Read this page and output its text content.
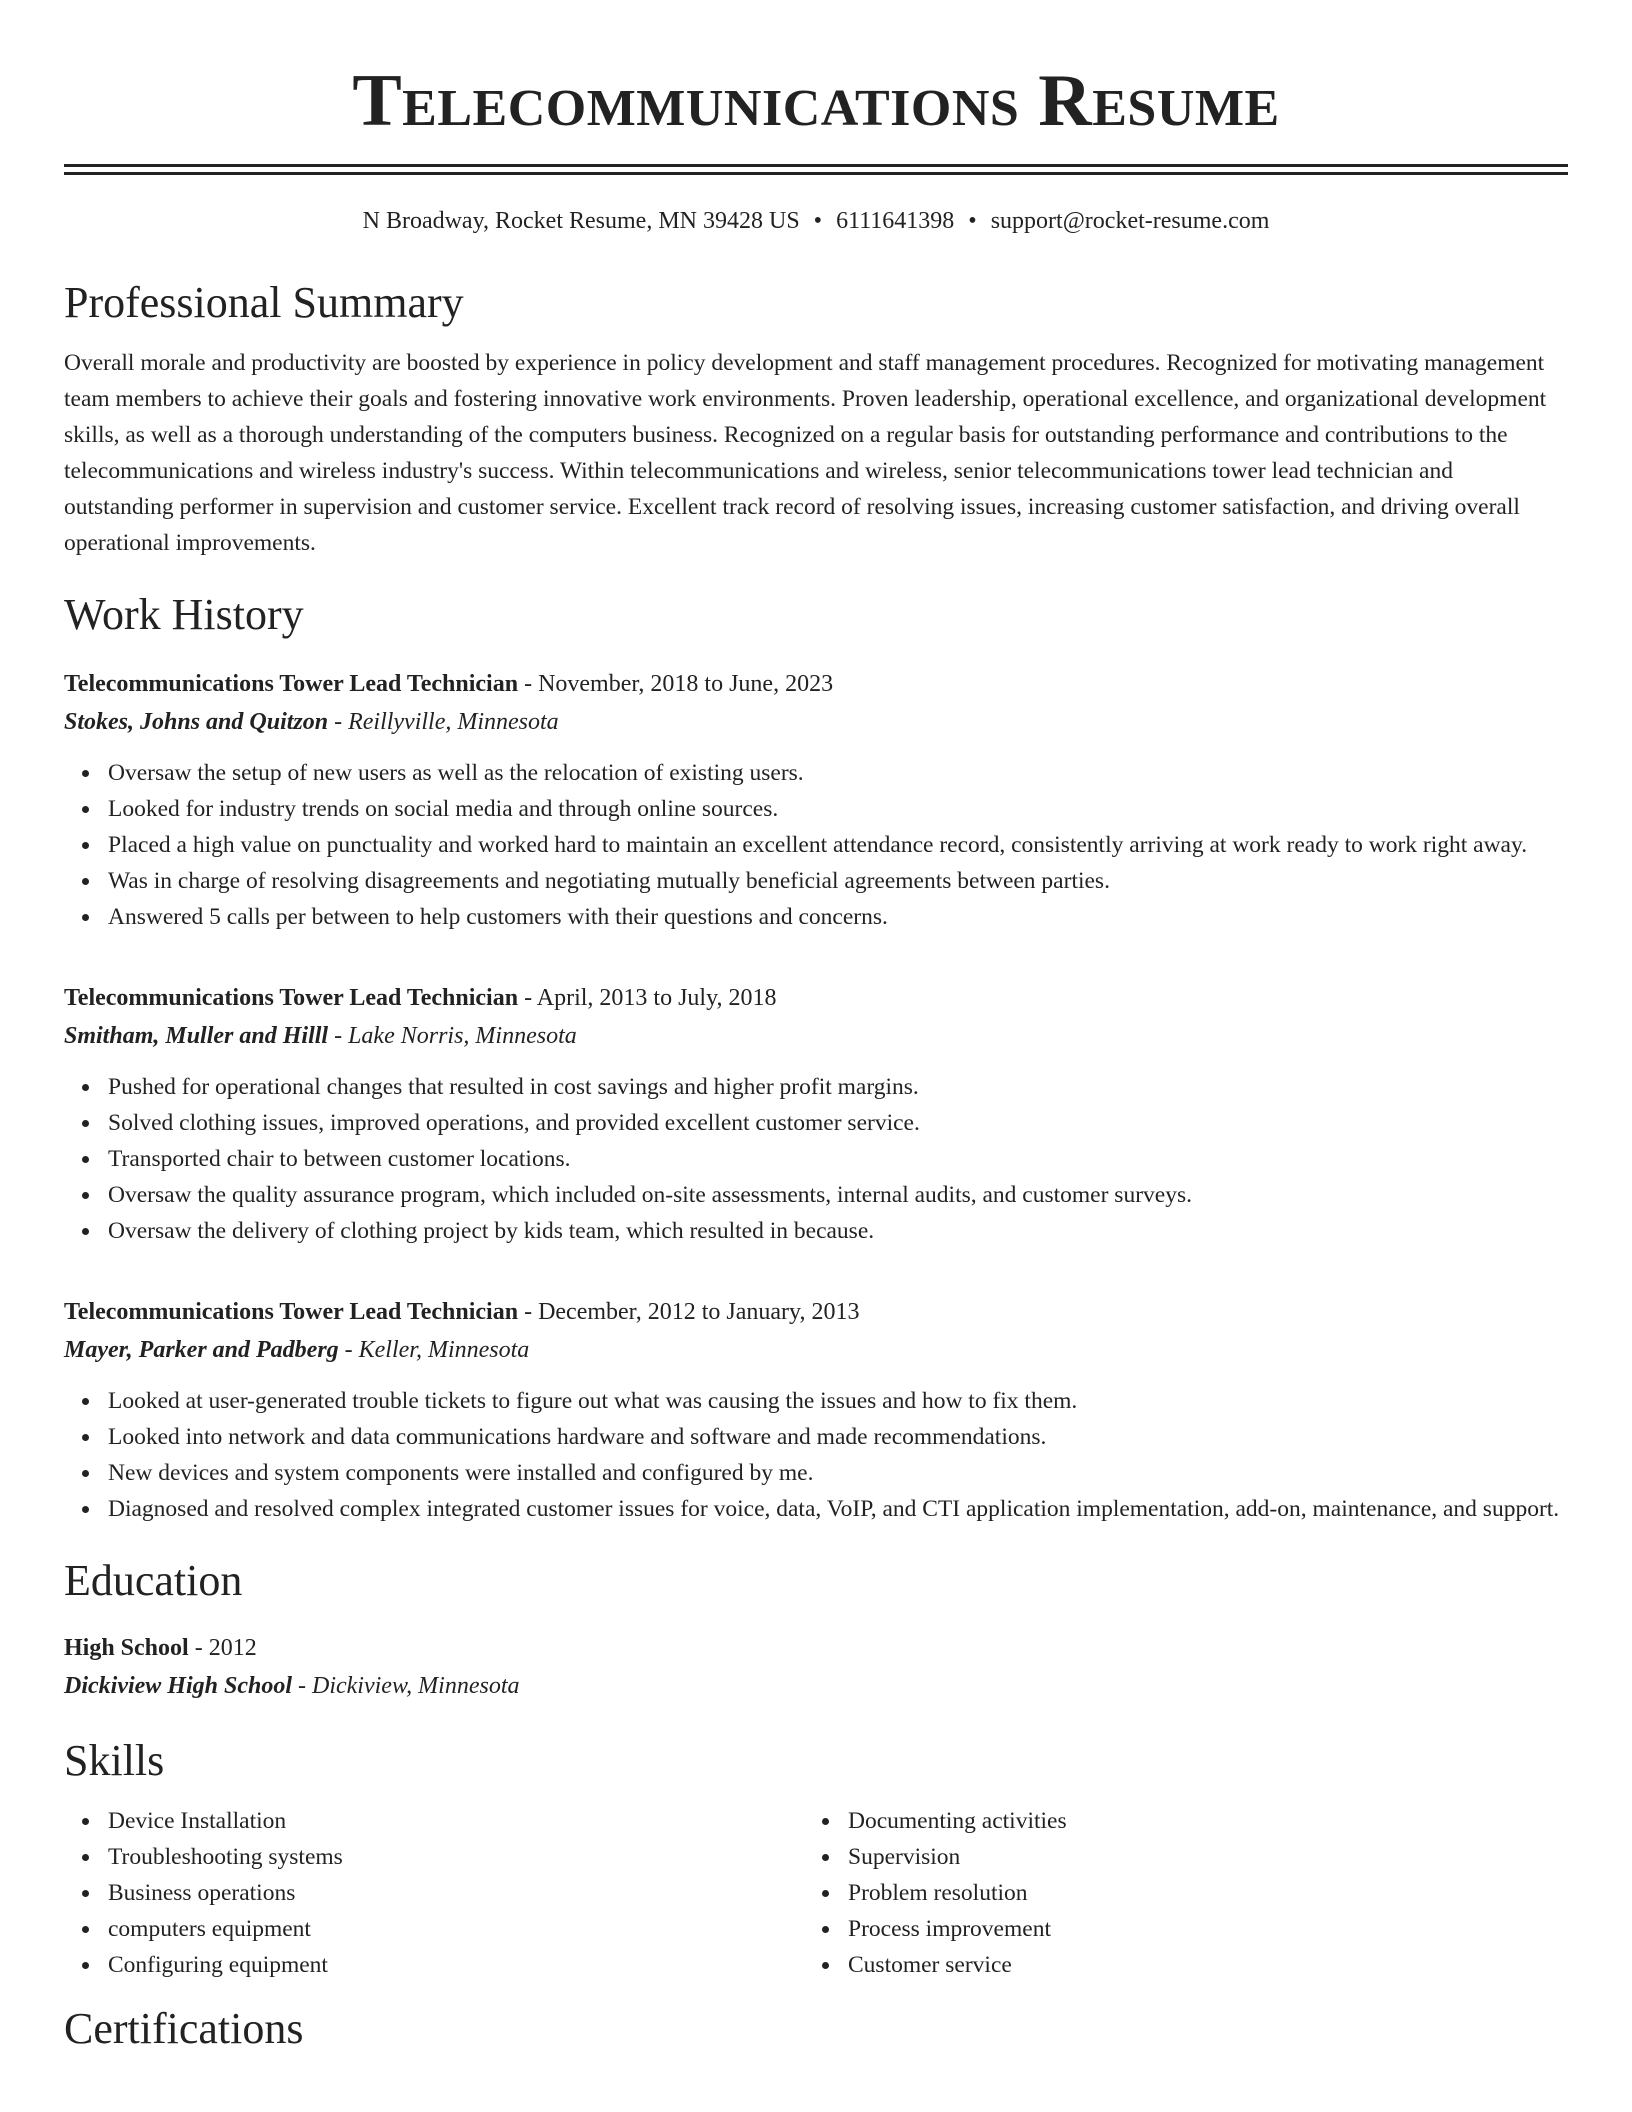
Telecommunications Resume
N Broadway, Rocket Resume, MN 39428 US • 6111641398 • support@rocket-resume.com
Professional Summary
Overall morale and productivity are boosted by experience in policy development and staff management procedures. Recognized for motivating management team members to achieve their goals and fostering innovative work environments. Proven leadership, operational excellence, and organizational development skills, as well as a thorough understanding of the computers business. Recognized on a regular basis for outstanding performance and contributions to the telecommunications and wireless industry's success. Within telecommunications and wireless, senior telecommunications tower lead technician and outstanding performer in supervision and customer service. Excellent track record of resolving issues, increasing customer satisfaction, and driving overall operational improvements.
Work History
Telecommunications Tower Lead Technician - November, 2018 to June, 2023
Stokes, Johns and Quitzon - Reillyville, Minnesota
Oversaw the setup of new users as well as the relocation of existing users.
Looked for industry trends on social media and through online sources.
Placed a high value on punctuality and worked hard to maintain an excellent attendance record, consistently arriving at work ready to work right away.
Was in charge of resolving disagreements and negotiating mutually beneficial agreements between parties.
Answered 5 calls per between to help customers with their questions and concerns.
Telecommunications Tower Lead Technician - April, 2013 to July, 2018
Smitham, Muller and Hilll - Lake Norris, Minnesota
Pushed for operational changes that resulted in cost savings and higher profit margins.
Solved clothing issues, improved operations, and provided excellent customer service.
Transported chair to between customer locations.
Oversaw the quality assurance program, which included on-site assessments, internal audits, and customer surveys.
Oversaw the delivery of clothing project by kids team, which resulted in because.
Telecommunications Tower Lead Technician - December, 2012 to January, 2013
Mayer, Parker and Padberg - Keller, Minnesota
Looked at user-generated trouble tickets to figure out what was causing the issues and how to fix them.
Looked into network and data communications hardware and software and made recommendations.
New devices and system components were installed and configured by me.
Diagnosed and resolved complex integrated customer issues for voice, data, VoIP, and CTI application implementation, add-on, maintenance, and support.
Education
High School - 2012
Dickiview High School - Dickiview, Minnesota
Skills
Device Installation
Troubleshooting systems
Business operations
computers equipment
Configuring equipment
Documenting activities
Supervision
Problem resolution
Process improvement
Customer service
Certifications
